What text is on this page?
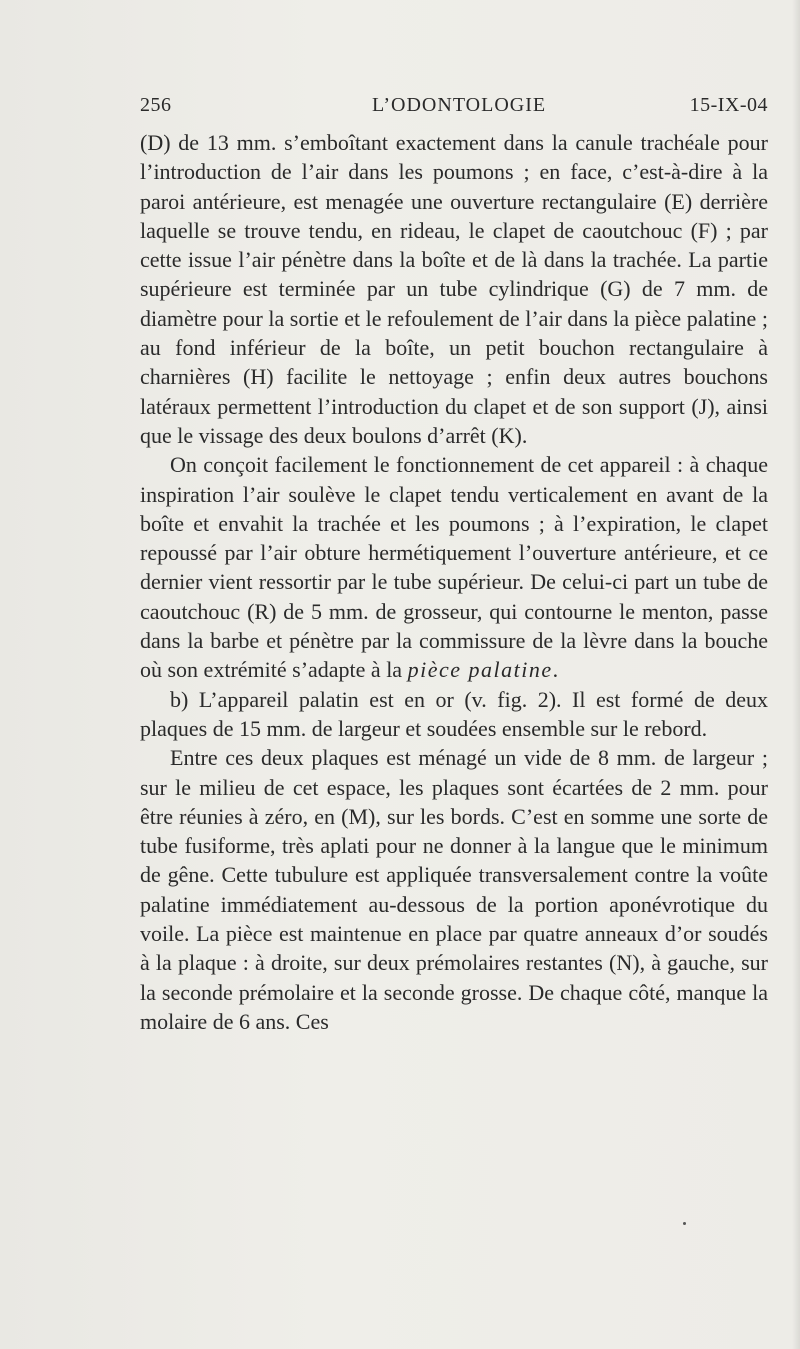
256	L’ODONTOLOGIE	15-IX-04

(D) de 13 mm. s’emboîtant exactement dans la canule trachéale pour l’introduction de l’air dans les poumons ; en face, c’est-à-dire à la paroi antérieure, est menagée une ouverture rectangulaire (E) derrière laquelle se trouve tendu, en rideau, le clapet de caoutchouc (F) ; par cette issue l’air pénètre dans la boîte et de là dans la trachée. La partie supérieure est terminée par un tube cylindrique (G) de 7 mm. de diamètre pour la sortie et le refoulement de l’air dans la pièce palatine ; au fond inférieur de la boîte, un petit bouchon rectangulaire à charnières (H) facilite le nettoyage ; enfin deux autres bouchons latéraux permettent l’introduction du clapet et de son support (J), ainsi que le vissage des deux boulons d’arrêt (K).

On conçoit facilement le fonctionnement de cet appareil : à chaque inspiration l’air soulève le clapet tendu verticalement en avant de la boîte et envahit la trachée et les poumons ; à l’expiration, le clapet repoussé par l’air obture hermétiquement l’ouverture antérieure, et ce dernier vient ressortir par le tube supérieur. De celui-ci part un tube de caoutchouc (R) de 5 mm. de grosseur, qui contourne le menton, passe dans la barbe et pénètre par la commissure de la lèvre dans la bouche où son extrémité s’adapte à la pièce palatine.

b) L’appareil palatin est en or (v. fig. 2). Il est formé de deux plaques de 15 mm. de largeur et soudées ensemble sur le rebord.

Entre ces deux plaques est ménagé un vide de 8 mm. de largeur ; sur le milieu de cet espace, les plaques sont écartées de 2 mm. pour être réunies à zéro, en (M), sur les bords. C’est en somme une sorte de tube fusiforme, très aplati pour ne donner à la langue que le minimum de gêne. Cette tubulure est appliquée transversalement contre la voûte palatine immédiatement au-dessous de la portion aponévrotique du voile. La pièce est maintenue en place par quatre anneaux d’or soudés à la plaque : à droite, sur deux prémolaires restantes (N), à gauche, sur la seconde prémolaire et la seconde grosse. De chaque côté, manque la molaire de 6 ans. Ces
